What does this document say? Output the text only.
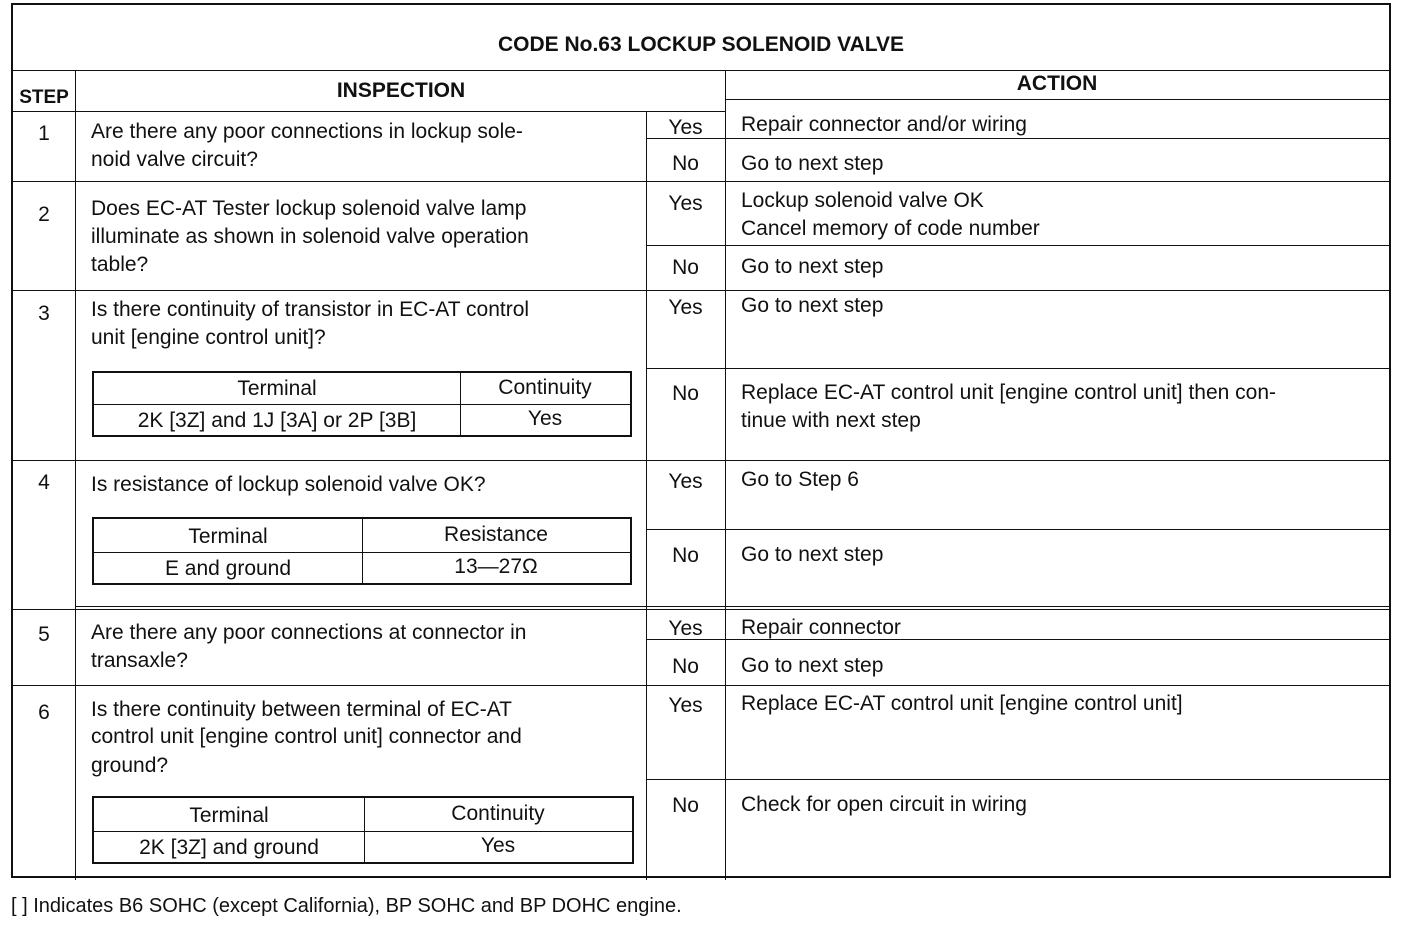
CODE No.63 LOCKUP SOLENOID VALVE
STEP	INSPECTION	ACTION
1	Are there any poor connections in lockup sole-
noid valve circuit?
Yes	Repair connector and/or wiring
No	Go to next step
2	Does EC-AT Tester lockup solenoid valve lamp
illuminate as shown in solenoid valve operation
table?
Yes	Lockup solenoid valve OK
Cancel memory of code number
No	Go to next step
3	Is there continuity of transistor in EC-AT control
unit [engine control unit]?
Terminal	Continuity
2K [3Z] and 1J [3A] or 2P [3B]	Yes
Yes	Go to next step
No	Replace EC-AT control unit [engine control unit] then con-
tinue with next step
4	Is resistance of lockup solenoid valve OK?
Terminal	Resistance
E and ground	13—27Ω
Yes	Go to Step 6
No	Go to next step
5	Are there any poor connections at connector in
transaxle?
Yes	Repair connector
No	Go to next step
6	Is there continuity between terminal of EC-AT
control unit [engine control unit] connector and
ground?
Terminal	Continuity
2K [3Z] and ground	Yes
Yes	Replace EC-AT control unit [engine control unit]
No	Check for open circuit in wiring
[ ] Indicates B6 SOHC (except California), BP SOHC and BP DOHC engine.
